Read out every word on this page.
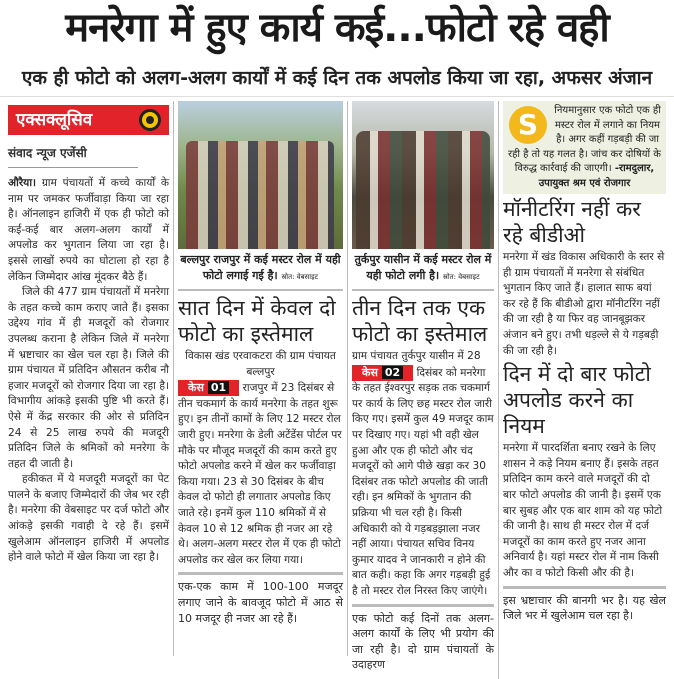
मनरेगा में हुए कार्य कई...फोटो रहे वही
एक ही फोटो को अलग-अलग कार्यों में कई दिन तक अपलोड किया जा रहा, अफसर अंजान
एक्सक्लूसिव
संवाद न्यूज एजेंसी

औरैया। ग्राम पंचायतों में कच्चे कार्यों के नाम पर जमकर फर्जीवाड़ा किया जा रहा है। ऑनलाइन हाजिरी में एक ही फोटो को कई-कई बार अलग-अलग कार्यों में अपलोड कर भुगतान लिया जा रहा है। इससे लाखों रुपये का घोटाला हो रहा है लेकिन जिम्मेदार आंख मूंदकर बैठे हैं।

जिले की 477 ग्राम पंचायतों में मनरेगा के तहत कच्चे काम कराए जाते हैं। इसका उद्देश्य गांव में ही मजदूरों को रोजगार उपलब्ध कराना है लेकिन जिले में मनरेगा में भ्रष्टाचार का खेल चल रहा है। जिले की ग्राम पंचायत में प्रतिदिन औसतन करीब नौ हजार मजदूरों को रोजगार दिया जा रहा है। विभागीय आंकड़े इसकी पुष्टि भी करते हैं। ऐसे में केंद्र सरकार की ओर से प्रतिदिन 24 से 25 लाख रुपये की मजदूरी प्रतिदिन जिले के श्रमिकों को मनरेगा के तहत दी जाती है।

हकीकत में ये मजदूरी मजदूरों का पेट पालने के बजाए जिम्मेदारों की जेब भर रही है। मनरेगा की वेबसाइट पर दर्ज फोटो और आंकड़े इसकी गवाही दे रहे हैं। इसमें खुलेआम ऑनलाइन हाजिरी में अपलोड होने वाले फोटो में खेल किया जा रहा है।

बल्लपुर राजपुर में कई मस्टर रोल में यही फोटो लगाई गई है। स्रोत: वेबसाइट
सात दिन में केवल दो फोटो का इस्तेमाल

विकास खंड एरवाकटरा की ग्राम पंचायत बल्लपुर

केस 01 राजपुर में 23 दिसंबर से तीन चकमार्ग के कार्य मनरेगा के तहत शुरू हुए। इन तीनों कामों के लिए 12 मस्टर रोल जारी हुए। मनरेगा के डेली अटेंडेंस पोर्टल पर मौके पर मौजूद मजदूरों की काम करते हुए फोटो अपलोड करने में खेल कर फर्जीवाड़ा किया गया। 23 से 30 दिसंबर के बीच केवल दो फोटो ही लगातार अपलोड किए जाते रहे। इनमें कुल 110 श्रमिकों में से केवल 10 से 12 श्रमिक ही नजर आ रहे थे। अलग-अलग मस्टर रोल में एक ही फोटो अपलोड कर खेल कर लिया गया।

एक-एक काम में 100-100 मजदूर लगाए जाने के बावजूद फोटो में आठ से 10 मजदूर ही नजर आ रहे हैं।
तुर्कपुर यासीन में कई मस्टर रोल में यही फोटो लगी है। स्रोत: वेबसाइट
तीन दिन तक एक फोटो का इस्तेमाल

ग्राम पंचायत तुर्कपुर यासीन में 28

केस 02 दिसंबर को मनरेगा के तहत ईश्वरपुर सड़क तक चकमार्ग पर कार्य के लिए छह मस्टर रोल जारी किए गए। इसमें कुल 49 मजदूर काम पर दिखाए गए। यहां भी वही खेल हुआ और एक ही फोटो और चंद मजदूरों को आगे पीछे खड़ा कर 30 दिसंबर तक फोटो अपलोड की जाती रही। इन श्रमिकों के भुगतान की प्रक्रिया भी चल रही है। किसी अधिकारी को ये गड़बड़झाला नजर नहीं आया। पंचायत सचिव विनय कुमार यादव ने जानकारी न होने की बात कही। कहा कि अगर गड़बड़ी हुई है तो मस्टर रोल निरस्त किए जाएंगे।

एक फोटो कई दिनों तक अलग-अलग कार्यों के लिए भी प्रयोग की जा रही है। दो ग्राम पंचायतों के उदाहरण
S	नियमानुसार एक फोटो एक ही मस्टर रोल में लगाने का नियम है। अगर कहीं गड़बड़ी की जा रही है तो यह गलत है। जांच कर दोषियों के विरुद्ध कार्रवाई की जाएगी। -रामदुलार, उपायुक्त श्रम एवं रोजगार
मॉनीटरिंग नहीं कर रहे बीडीओ
मनरेगा में खंड विकास अधिकारी के स्तर से ही ग्राम पंचायतों में मनरेगा से संबंधित भुगतान किए जाते हैं। हालात साफ बयां कर रहे हैं कि बीडीओ द्वारा मॉनीटरिंग नहीं की जा रही है या फिर वह जानबूझकर अंजान बने हुए। तभी धड़ल्ले से ये गड़बड़ी की जा रही है।
दिन में दो बार फोटो अपलोड करने का नियम
मनरेगा में पारदर्शिता बनाए रखने के लिए शासन ने कड़े नियम बनाए हैं। इसके तहत प्रतिदिन काम करने वाले मजदूरों की दो बार फोटो अपलोड की जानी है। इसमें एक बार सुबह और एक बार शाम को यह फोटो की जानी है। साथ ही मस्टर रोल में दर्ज मजदूरों का काम करते हुए नजर आना अनिवार्य है। यहां मस्टर रोल में नाम किसी और का व फोटो किसी और की है।
इस भ्रष्टाचार की बानगी भर है। यह खेल जिले भर में खुलेआम चल रहा है।
